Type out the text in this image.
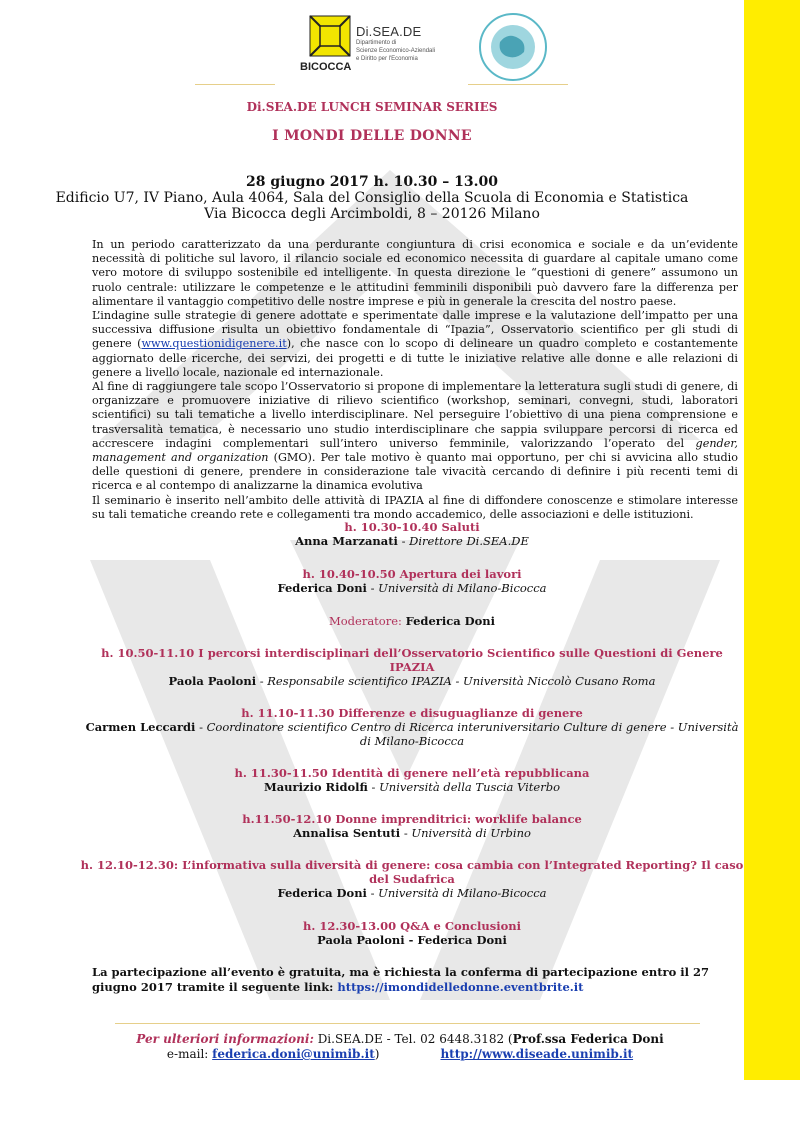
BICOCCA
Di.SEA.DE
Dipartimento di
Scienze Economico-Aziendali
e Diritto per l'Economia
Di.SEA.DE LUNCH SEMINAR SERIES
I MONDI DELLE DONNE
28 giugno 2017 h. 10.30 – 13.00
Edificio U7, IV Piano, Aula 4064, Sala del Consiglio della Scuola di Economia e Statistica
Via Bicocca degli Arcimboldi, 8 – 20126 Milano

In un periodo caratterizzato da una perdurante congiuntura di crisi economica e sociale e da un’evidente necessità di politiche sul lavoro, il rilancio sociale ed economico necessita di guardare al capitale umano come vero motore di sviluppo sostenibile ed intelligente. In questa direzione le “questioni di genere” assumono un ruolo centrale: utilizzare le competenze e le attitudini femminili disponibili può davvero fare la differenza per alimentare il vantaggio competitivo delle nostre imprese e più in generale la crescita del nostro paese.

L’indagine sulle strategie di genere adottate e sperimentate dalle imprese e la valutazione dell’impatto per una successiva diffusione risulta un obiettivo fondamentale di “Ipazia”, Osservatorio scientifico per gli studi di genere (www.questionidigenere.it), che nasce con lo scopo di delineare un quadro completo e costantemente aggiornato delle ricerche, dei servizi, dei progetti e di tutte le iniziative relative alle donne e alle relazioni di genere a livello locale, nazionale ed internazionale.

Al fine di raggiungere tale scopo l’Osservatorio si propone di implementare la letteratura sugli studi di genere, di organizzare e promuovere iniziative di rilievo scientifico (workshop, seminari, convegni, studi, laboratori scientifici) su tali tematiche a livello interdisciplinare. Nel perseguire l’obiettivo di una piena comprensione e trasversalità tematica, è necessario uno studio interdisciplinare che sappia sviluppare percorsi di ricerca ed accrescere indagini complementari sull’intero universo femminile, valorizzando l’operato del gender, management and organization (GMO). Per tale motivo è quanto mai opportuno, per chi si avvicina allo studio delle questioni di genere, prendere in considerazione tale vivacità cercando di definire i più recenti temi di ricerca e al contempo di analizzarne la dinamica evolutiva

Il seminario è inserito nell’ambito delle attività di IPAZIA al fine di diffondere conoscenze e stimolare interesse su tali tematiche creando rete e collegamenti tra mondo accademico, delle associazioni e delle istituzioni.

h. 10.30-10.40 Saluti
Anna Marzanati - Direttore Di.SEA.DE
h. 10.40-10.50 Apertura dei lavori
Federica Doni - Università di Milano-Bicocca
Moderatore: Federica Doni
h. 10.50-11.10 I percorsi interdisciplinari dell’Osservatorio Scientifico sulle Questioni di Genere IPAZIA
Paola Paoloni - Responsabile scientifico IPAZIA - Università Niccolò Cusano Roma
h. 11.10-11.30 Differenze e disuguaglianze di genere
Carmen Leccardi - Coordinatore scientifico Centro di Ricerca interuniversitario Culture di genere - Università di Milano-Bicocca
h. 11.30-11.50 Identità di genere nell’età repubblicana
Maurizio Ridolfi - Università della Tuscia Viterbo
h.11.50-12.10 Donne imprenditrici: worklife balance
Annalisa Sentuti - Università di Urbino
h. 12.10-12.30: L’informativa sulla diversità di genere: cosa cambia con l’Integrated Reporting? Il caso del Sudafrica
Federica Doni - Università di Milano-Bicocca
h. 12.30-13.00 Q&A e Conclusioni
Paola Paoloni - Federica Doni
La partecipazione all’evento è gratuita, ma è richiesta la conferma di partecipazione entro il 27 giugno 2017 tramite il seguente link: https://imondidelledonne.eventbrite.it
Per ulteriori informazioni: Di.SEA.DE - Tel. 02 6448.3182 (Prof.ssa Federica Doni
e-mail: federica.doni@unimib.it)                http://www.diseade.unimib.it
